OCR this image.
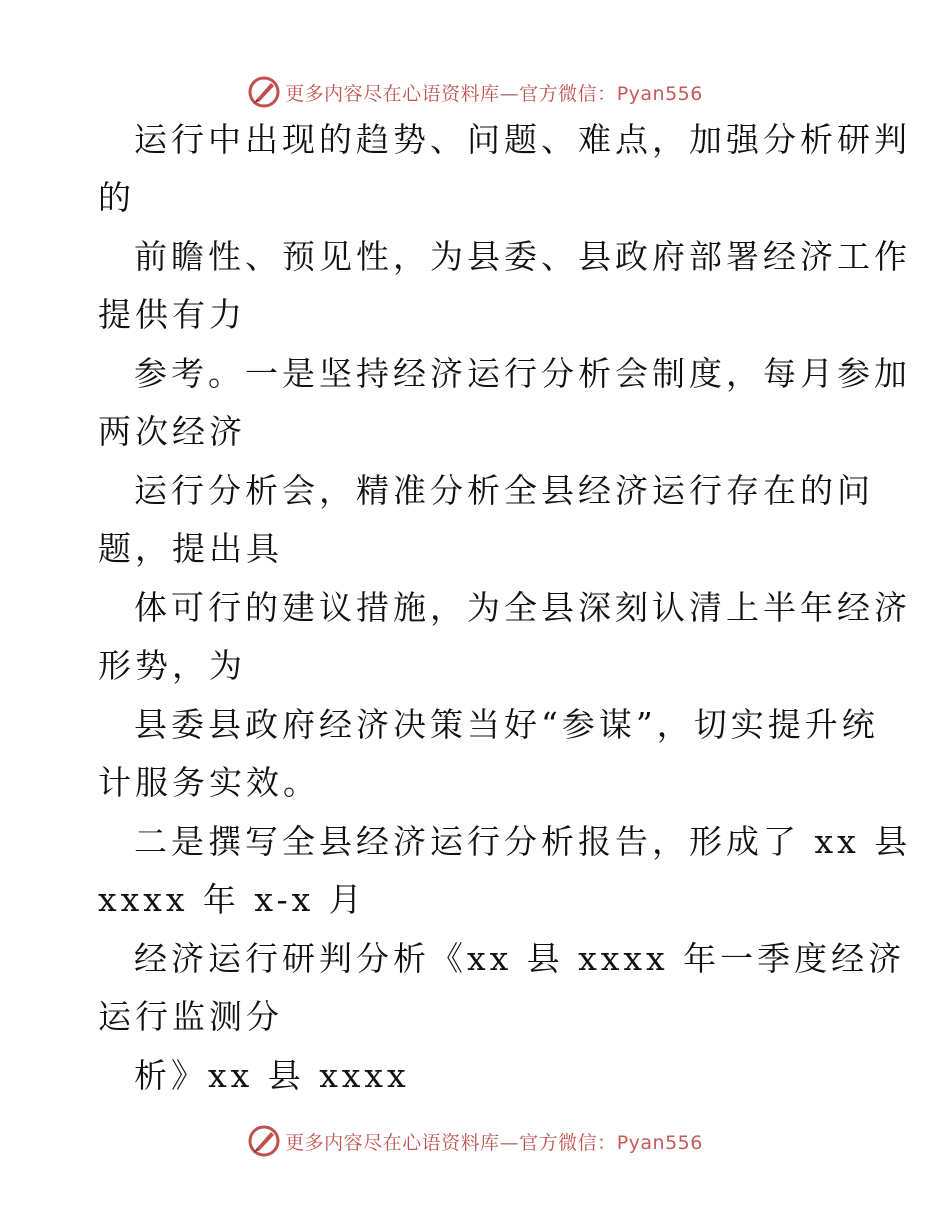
更多内容尽在心语资料库—官方微信：Pyan556
运行中出现的趋势、问题、难点，加强分析研判
的
前瞻性、预见性，为县委、县政府部署经济工作
提供有力
参考。一是坚持经济运行分析会制度，每月参加
两次经济
运行分析会，精准分析全县经济运行存在的问
题，提出具
体可行的建议措施，为全县深刻认清上半年经济
形势，为
县委县政府经济决策当好“参谋”，切实提升统
计服务实效。
二是撰写全县经济运行分析报告，形成了 xx 县
xxxx 年 x-x 月
经济运行研判分析《xx 县 xxxx 年一季度经济
运行监测分
析》xx 县 xxxx
更多内容尽在心语资料库—官方微信：Pyan556
